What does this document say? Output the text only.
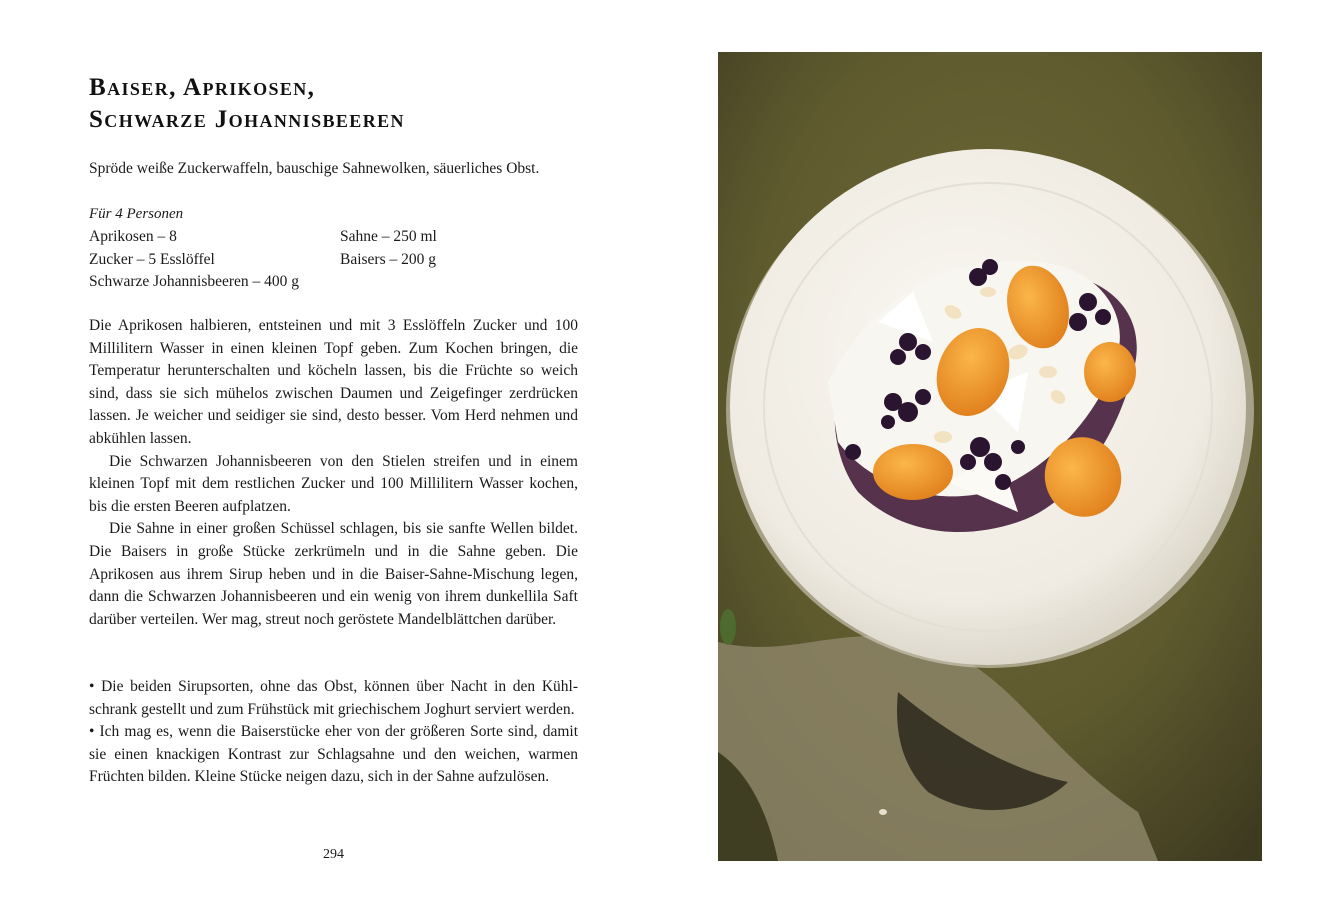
Baiser, Aprikosen,
Schwarze Johannisbeeren
Spröde weiße Zuckerwaffeln, bauschige Sahnewolken, säuerliches Obst.
Für 4 Personen
Aprikosen – 8
Zucker – 5 Esslöffel
Schwarze Johannisbeeren – 400 g
Sahne – 250 ml
Baisers – 200 g

Die Aprikosen halbieren, entsteinen und mit 3 Esslöffeln Zucker und 100 Millilitern Wasser in einen kleinen Topf geben. Zum Kochen bringen, die Temperatur herunterschalten und köcheln lassen, bis die Früchte so weich sind, dass sie sich mühelos zwischen Daumen und Zeigefinger zerdrücken lassen. Je weicher und seidiger sie sind, desto besser. Vom Herd nehmen und abkühlen lassen.

Die Schwarzen Johannisbeeren von den Stielen streifen und in einem kleinen Topf mit dem restlichen Zucker und 100 Millilitern Wasser kochen, bis die ersten Beeren aufplatzen.

Die Sahne in einer großen Schüssel schlagen, bis sie sanfte Wellen bildet. Die Baisers in große Stücke zerkrümeln und in die Sahne geben. Die Aprikosen aus ihrem Sirup heben und in die Baiser-Sahne-Mischung legen, dann die Schwarzen Johannisbeeren und ein wenig von ihrem dunkellila Saft darüber verteilen. Wer mag, streut noch geröstete Mandelblättchen darüber.

• Die beiden Sirupsorten, ohne das Obst, können über Nacht in den Kühlschrank gestellt und zum Frühstück mit griechischem Joghurt serviert werden.

• Ich mag es, wenn die Baiserstücke eher von der größeren Sorte sind, damit sie einen knackigen Kontrast zur Schlagsahne und den weichen, warmen Früchten bilden. Kleine Stücke neigen dazu, sich in der Sahne aufzulösen.

294
